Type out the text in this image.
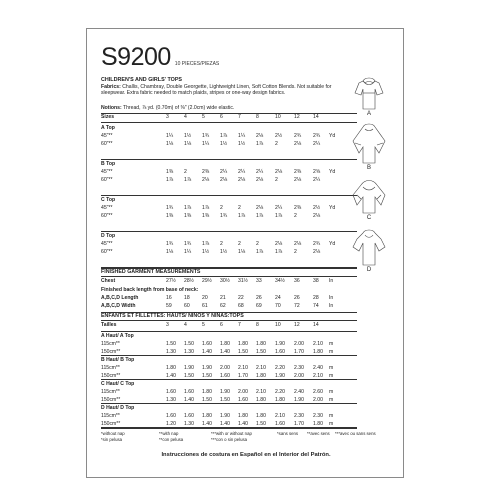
S9200 10 PIECES/PIEZAS
CHILDREN'S AND GIRLS' TOPS
Fabrics: Challis, Chambray, Double Georgette, Lightweight Linen, Soft Cotton Blends. Not suitable for sleepwear. Extra fabric needed to match plaids, stripes or one-way design fabrics.
Notions: Thread, ⅞ yd. (0.70m) of ⅜" (2.0cm) wide elastic.
Sizes	3	4	5	6	7	8	10	12	14
A Top
45"**	1¼ 1½ 1¾ 1⅞ 1¼ 2⅛ 2½ 2¾ 2¾ Yd
60"**	1⅛ 1⅛ 1¼ 1½ 1½ 1⅞ 2	2⅛ 2¼
B Top
45"**	1⅜ 2	2⅜ 2¼ 2¼ 2¼ 2⅛ 2⅜ 2⅝ Yd
60"**	1⅞ 1⅞ 2⅛ 2⅛ 2⅛ 2⅛ 2	2⅛ 2¼
C Top
45"**	1¾ 1⅞ 1⅞ 2	2	2⅛ 2¼ 2⅜ 2½ Yd
60"**	1⅜ 1⅜ 1⅜ 1¾ 1⅞ 1⅞ 1⅞ 2	2⅛
D Top
45"**	1¾ 1¾ 1⅞ 2	2	2	2⅛ 2⅛ 2¾ Yd
60"**	1⅛ 1¼ 1½ 1½ 1⅛ 1⅞ 1⅞ 2	2⅛
FINISHED GARMENT MEASUREMENTS
Chest	27½ 28½ 29½ 30½ 31½ 33	34½ 36	38 In
Finished back length from base of neck:
A,B,C,D Length	16 18 20 21 22 26	24	26	28 In
A,B,C,D Width	59 60 61 62 68 69	70	72	74 In
ENFANTS ET FILLETTES: HAUTS/ NIÑOS Y NIÑAS:TOPS
Tailles	3	4	5	6	7	8	10	12	14
A Haut/ A Top
115cm**	1.50 1.50 1.60 1.80 1.80 1.80 1.90 2.00 2.10 m
150cm**	1.30 1.30 1.40 1.40 1.50 1.50 1.60 1.70 1.80 m
B Haut/ B Top
115cm**	1.80 1.90 1.90 2.00 2.10 2.10 2.20 2.30 2.40 m
150cm**	1.40 1.50 1.50 1.60 1.70 1.80 1.90 2.00 2.10 m
C Haut/ C Top
115cm**	1.60 1.60 1.80 1.90 2.00 2.10 2.20 2.40 2.60 m
150cm**	1.30 1.40 1.50 1.50 1.60 1.80 1.80 1.90 2.00 m
D Haut/ D Top
115cm**	1.60 1.60 1.80 1.90 1.80 1.80 2.10 2.30 2.30 m
150cm**	1.20 1.30 1.40 1.40 1.40 1.50 1.60 1.70 1.80 m
*without nap	**with nap	***with or without nap	*sans sens **avec sens ***avec ou sans sens
*sin pelusa	**con pelusa	***con o sin pelusa
Instrucciones de costura en Español en el Interior del Patrón.
A
B
C
D
